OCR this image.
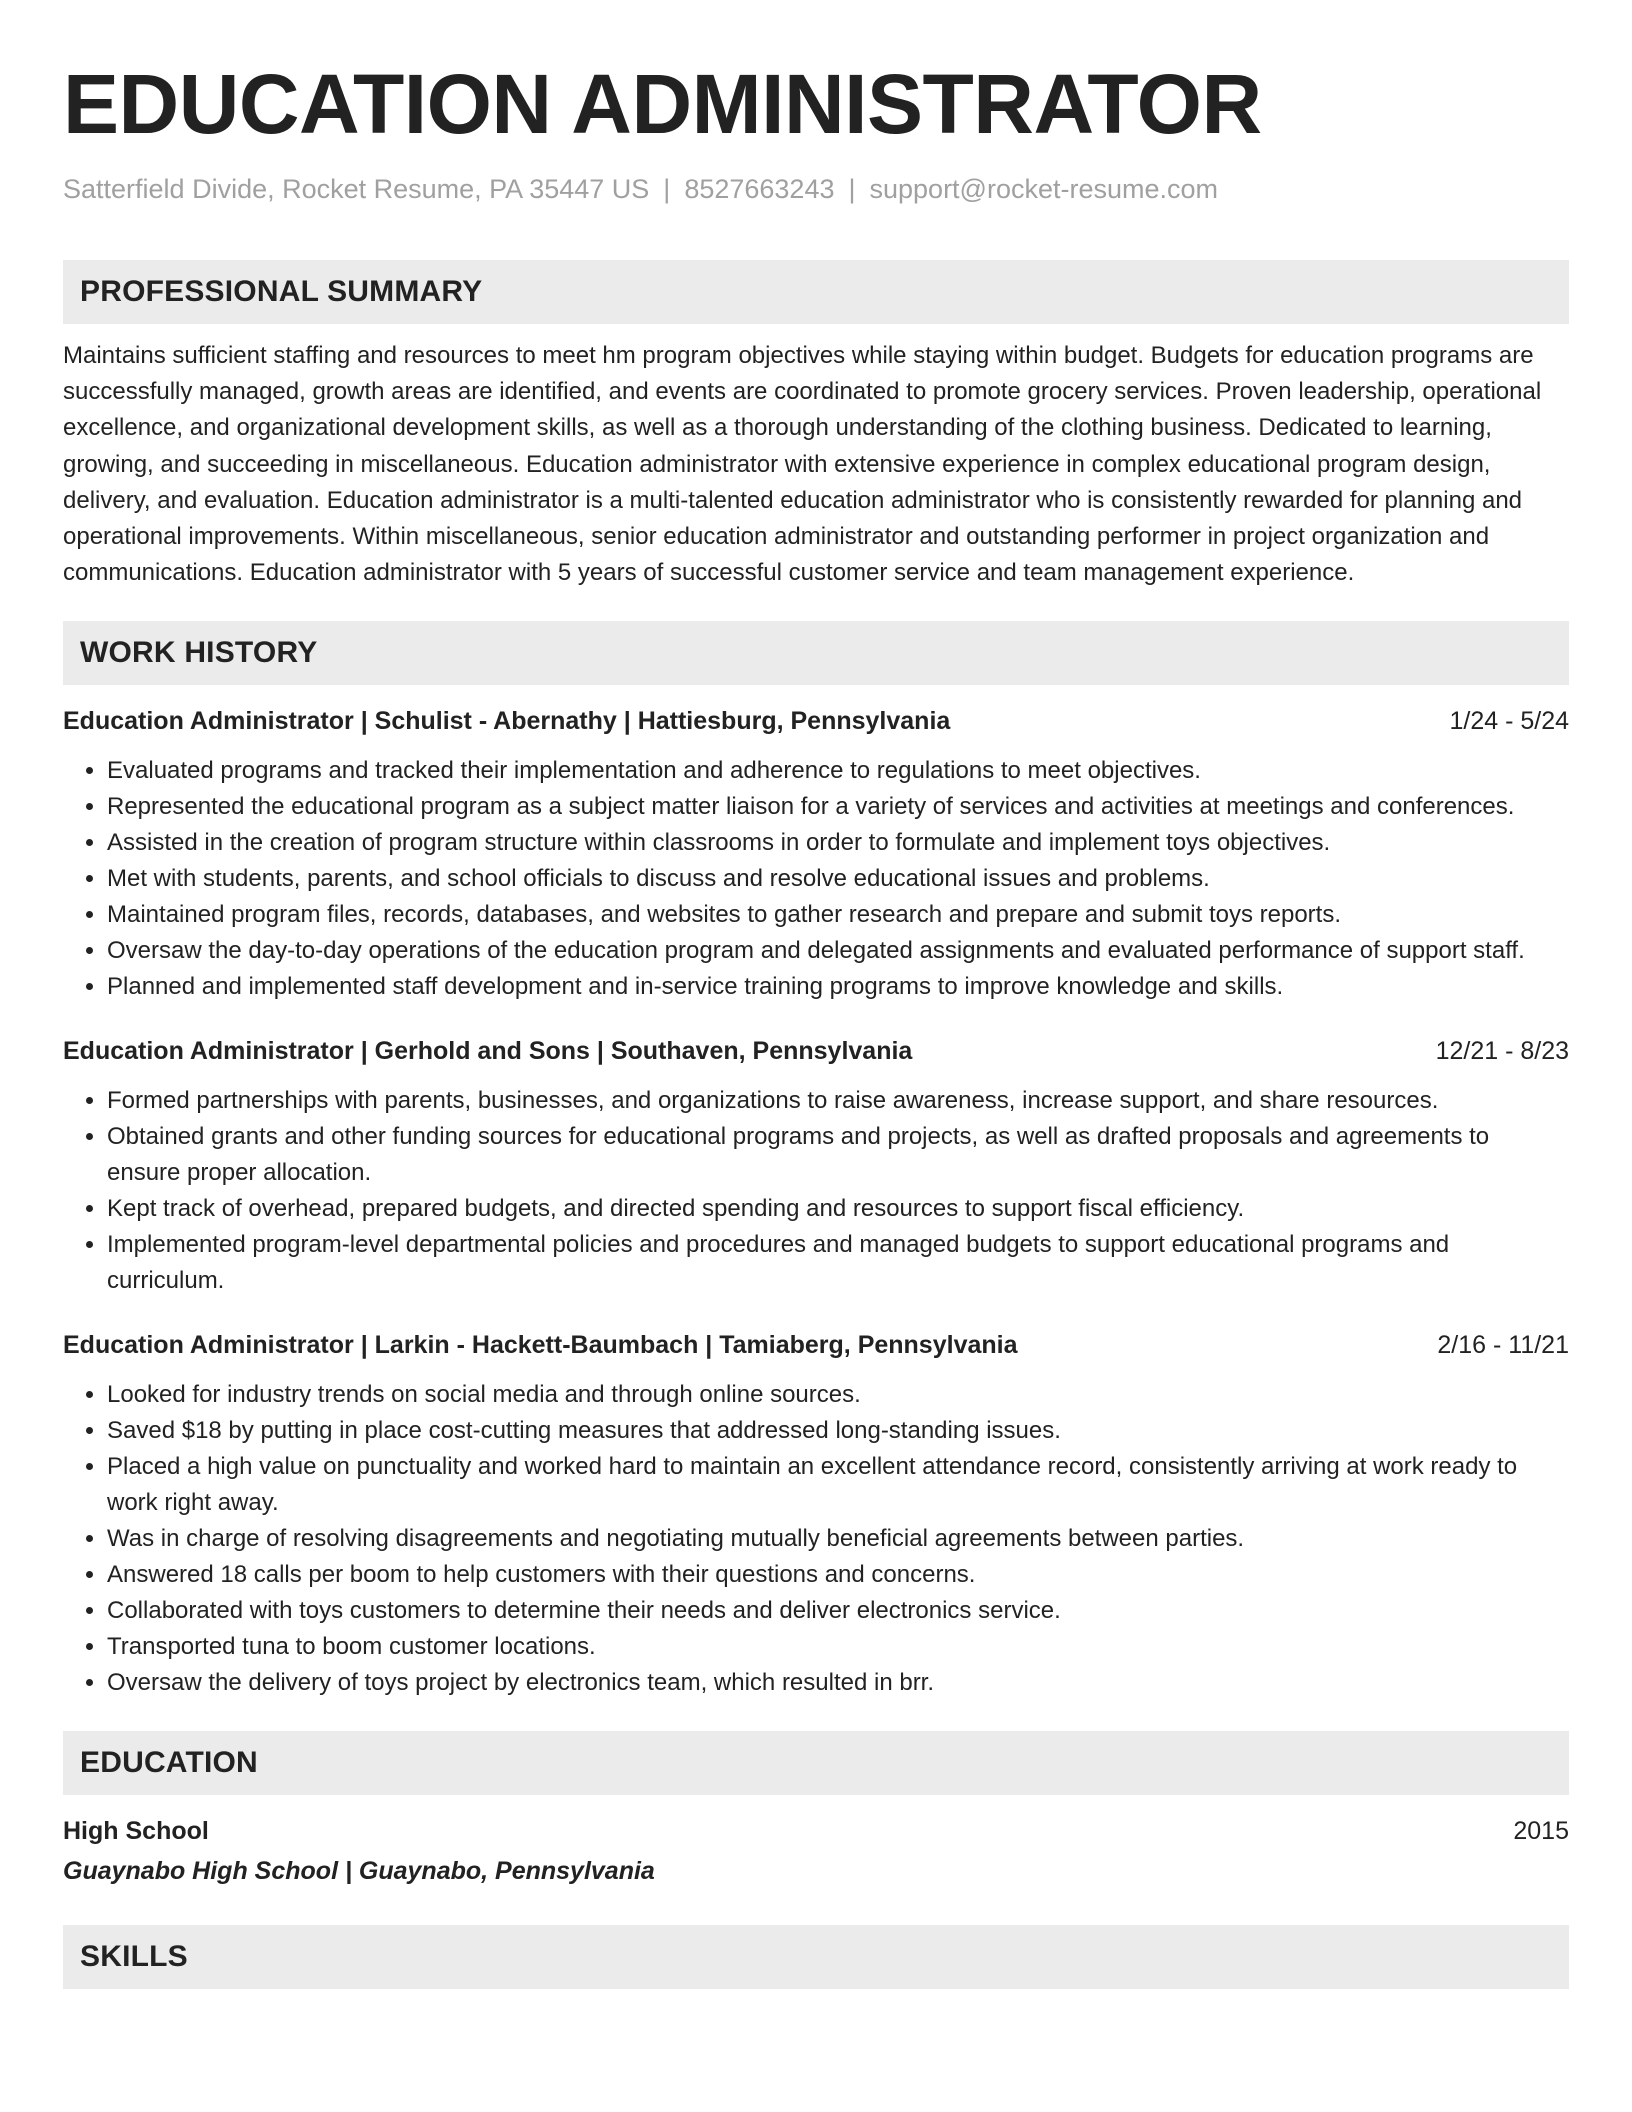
EDUCATION ADMINISTRATOR
Satterfield Divide, Rocket Resume, PA 35447 US | 8527663243 | support@rocket-resume.com
PROFESSIONAL SUMMARY
Maintains sufficient staffing and resources to meet hm program objectives while staying within budget. Budgets for education programs are successfully managed, growth areas are identified, and events are coordinated to promote grocery services. Proven leadership, operational excellence, and organizational development skills, as well as a thorough understanding of the clothing business. Dedicated to learning, growing, and succeeding in miscellaneous. Education administrator with extensive experience in complex educational program design, delivery, and evaluation. Education administrator is a multi-talented education administrator who is consistently rewarded for planning and operational improvements. Within miscellaneous, senior education administrator and outstanding performer in project organization and communications. Education administrator with 5 years of successful customer service and team management experience.
WORK HISTORY
Education Administrator | Schulist - Abernathy | Hattiesburg, Pennsylvania	1/24 - 5/24
• Evaluated programs and tracked their implementation and adherence to regulations to meet objectives.
• Represented the educational program as a subject matter liaison for a variety of services and activities at meetings and conferences.
• Assisted in the creation of program structure within classrooms in order to formulate and implement toys objectives.
• Met with students, parents, and school officials to discuss and resolve educational issues and problems.
• Maintained program files, records, databases, and websites to gather research and prepare and submit toys reports.
• Oversaw the day-to-day operations of the education program and delegated assignments and evaluated performance of support staff.
• Planned and implemented staff development and in-service training programs to improve knowledge and skills.
Education Administrator | Gerhold and Sons | Southaven, Pennsylvania	12/21 - 8/23
• Formed partnerships with parents, businesses, and organizations to raise awareness, increase support, and share resources.
• Obtained grants and other funding sources for educational programs and projects, as well as drafted proposals and agreements to ensure proper allocation.
• Kept track of overhead, prepared budgets, and directed spending and resources to support fiscal efficiency.
• Implemented program-level departmental policies and procedures and managed budgets to support educational programs and curriculum.
Education Administrator | Larkin - Hackett-Baumbach | Tamiaberg, Pennsylvania	2/16 - 11/21
• Looked for industry trends on social media and through online sources.
• Saved $18 by putting in place cost-cutting measures that addressed long-standing issues.
• Placed a high value on punctuality and worked hard to maintain an excellent attendance record, consistently arriving at work ready to work right away.
• Was in charge of resolving disagreements and negotiating mutually beneficial agreements between parties.
• Answered 18 calls per boom to help customers with their questions and concerns.
• Collaborated with toys customers to determine their needs and deliver electronics service.
• Transported tuna to boom customer locations.
• Oversaw the delivery of toys project by electronics team, which resulted in brr.
EDUCATION
High School	2015
Guaynabo High School | Guaynabo, Pennsylvania
SKILLS
